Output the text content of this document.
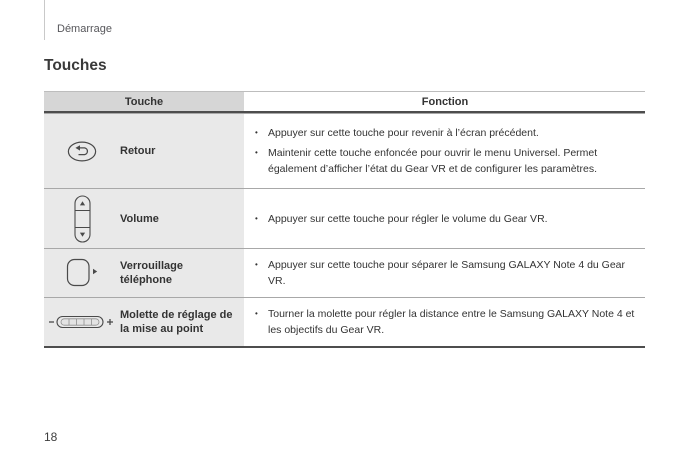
Démarrage
Touches
Touche	Fonction
Retour
• Appuyer sur cette touche pour revenir à l’écran précédent.
• Maintenir cette touche enfoncée pour ouvrir le menu Universel. Permet également d’afficher l’état du Gear VR et de configurer les paramètres.
Volume	• Appuyer sur cette touche pour régler le volume du Gear VR.
Verrouillage téléphone
• Appuyer sur cette touche pour séparer le Samsung GALAXY Note 4 du Gear VR.
Molette de réglage de la mise au point
• Tourner la molette pour régler la distance entre le Samsung GALAXY Note 4 et les objectifs du Gear VR.
18
